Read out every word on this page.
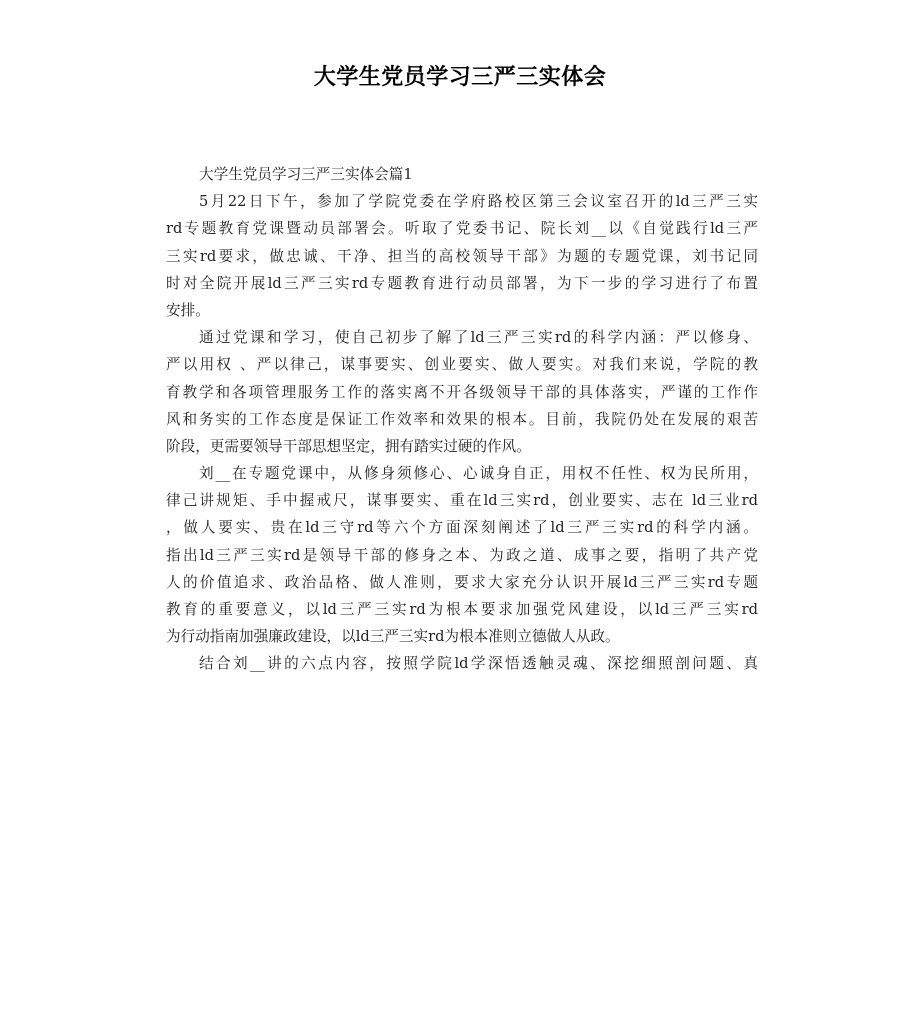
大学生党员学习三严三实体会
大学生党员学习三严三实体会篇1
5月22日下午，参加了学院党委在学府路校区第三会议室召开的ld三严三实
rd专题教育党课暨动员部署会。听取了党委书记、院长刘__以《自觉践行ld三严
三实rd要求，做忠诚、干净、担当的高校领导干部》为题的专题党课，刘书记同
时对全院开展ld三严三实rd专题教育进行动员部署，为下一步的学习进行了布置
安排。
通过党课和学习，使自己初步了解了ld三严三实rd的科学内涵：严以修身、
严以用权 、严以律己，谋事要实、创业要实、做人要实。对我们来说，学院的教
育教学和各项管理服务工作的落实离不开各级领导干部的具体落实，严谨的工作作
风和务实的工作态度是保证工作效率和效果的根本。目前，我院仍处在发展的艰苦
阶段，更需要领导干部思想坚定，拥有踏实过硬的作风。
刘__在专题党课中，从修身须修心、心诚身自正，用权不任性、权为民所用，
律己讲规矩、手中握戒尺，谋事要实、重在ld三实rd，创业要实、志在 ld三业rd
，做人要实、贵在ld三守rd等六个方面深刻阐述了ld三严三实rd的科学内涵。
指出ld三严三实rd是领导干部的修身之本、为政之道、成事之要，指明了共产党
人的价值追求、政治品格、做人准则，要求大家充分认识开展ld三严三实rd专题
教育的重要意义，以ld三严三实rd为根本要求加强党风建设，以ld三严三实rd
为行动指南加强廉政建设，以ld三严三实rd为根本准则立德做人从政。
结合刘__讲的六点内容，按照学院ld学深悟透触灵魂、深挖细照剖问题、真
